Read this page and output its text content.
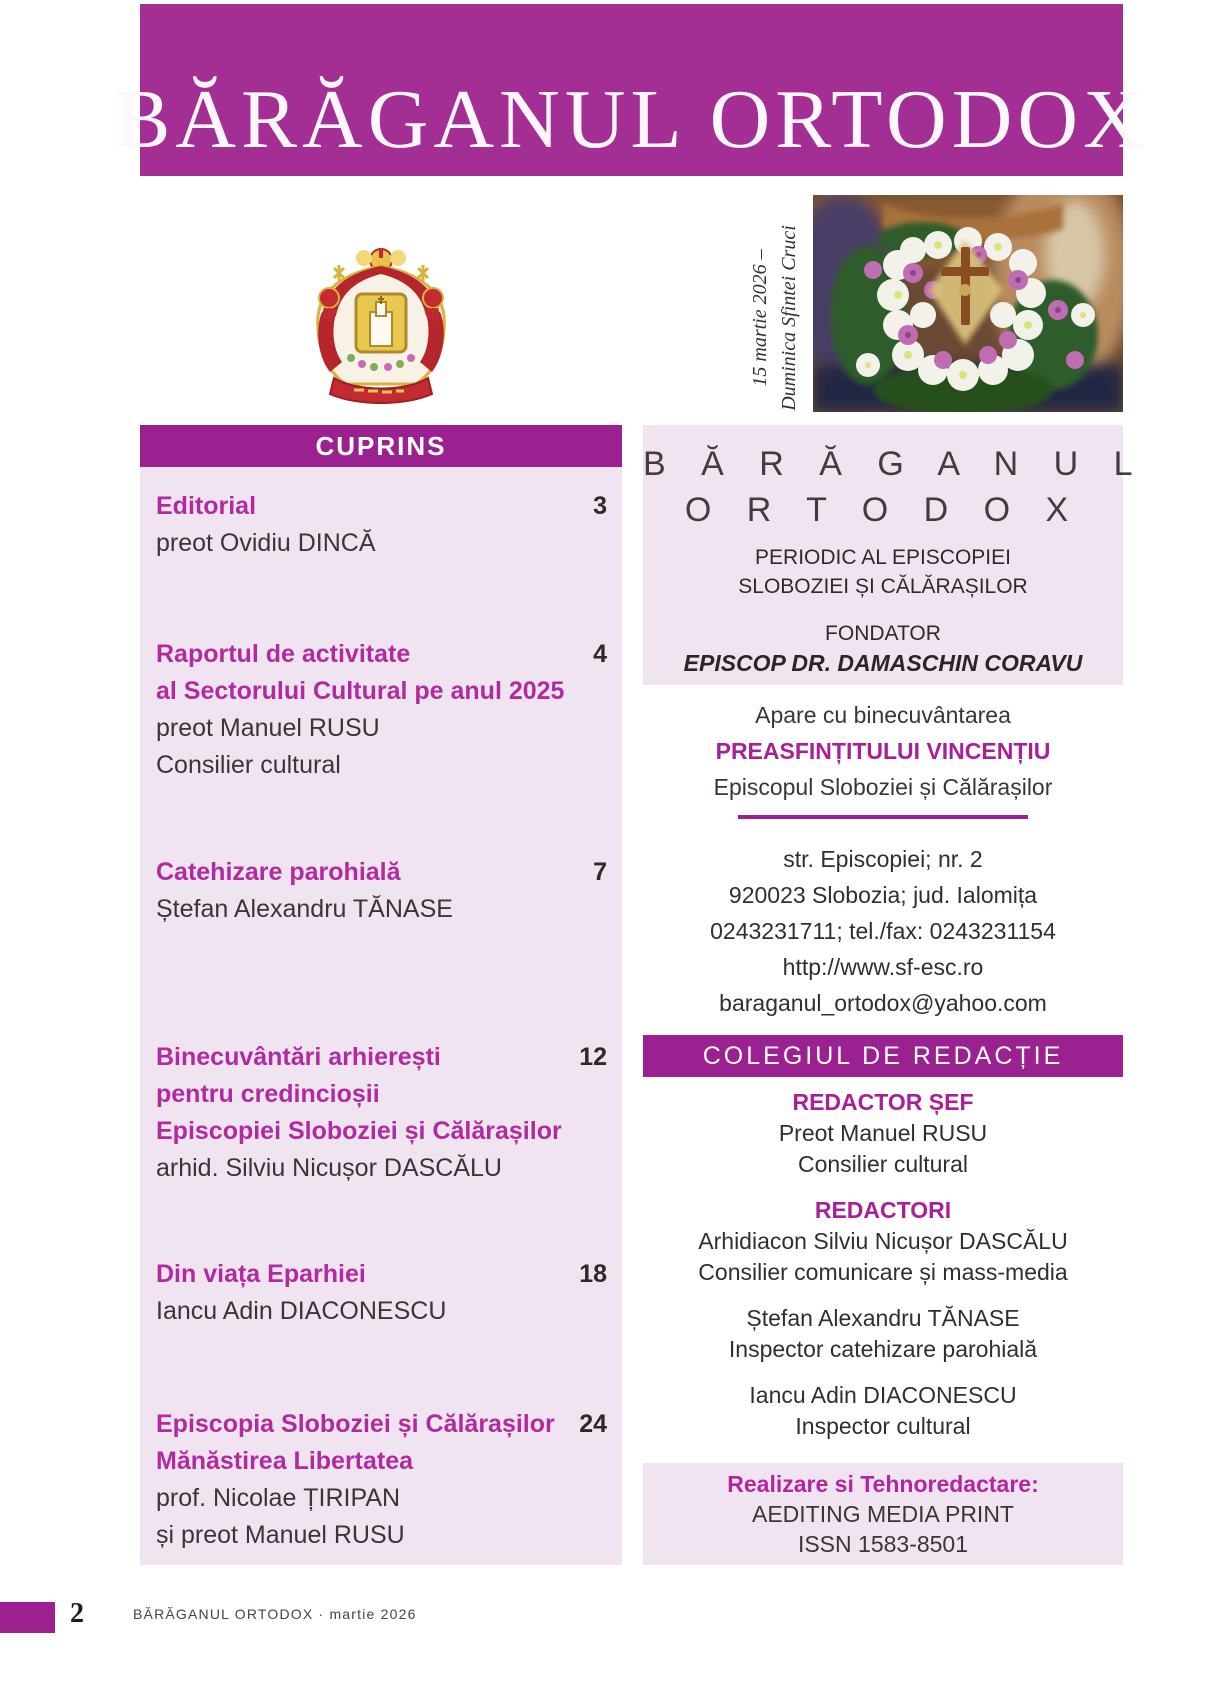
BĂRĂGANUL ORTODOX
15 martie 2026 – Duminica Sfintei Cruci
CUPRINS
3
Editorial
preot Ovidiu DINCĂ
4
Raportul de activitate
al Sectorului Cultural pe anul 2025
preot Manuel RUSU
Consilier cultural
7
Catehizare parohială
Ștefan Alexandru TĂNASE
12
Binecuvântări arhierești
pentru credincioșii
Episcopiei Sloboziei și Călărașilor
arhid. Silviu Nicușor DASCĂLU
18
Din viața Eparhiei
Iancu Adin DIACONESCU
24
Episcopia Sloboziei și Călărașilor
Mănăstirea Libertatea
prof. Nicolae ȚIRIPAN
și preot Manuel RUSU
B Ă R Ă G A N U L
O R T O D O X
PERIODIC AL EPISCOPIEI
SLOBOZIEI ȘI CĂLĂRAȘILOR
FONDATOR
EPISCOP DR. DAMASCHIN CORAVU
Apare cu binecuvântarea
PREASFINȚITULUI VINCENȚIU
Episcopul Sloboziei și Călărașilor
str. Episcopiei; nr. 2
920023 Slobozia; jud. Ialomița
0243231711; tel./fax: 0243231154
http://www.sf-esc.ro
baraganul_ortodox@yahoo.com
COLEGIUL DE REDACȚIE
REDACTOR ȘEF
Preot Manuel RUSU
Consilier cultural
REDACTORI
Arhidiacon Silviu Nicușor DASCĂLU
Consilier comunicare și mass-media
Ștefan Alexandru TĂNASE
Inspector catehizare parohială
Iancu Adin DIACONESCU
Inspector cultural
Realizare si Tehnoredactare:
AEDITING MEDIA PRINT
ISSN 1583-8501
2	BĂRĂGANUL ORTODOX · martie 2026
